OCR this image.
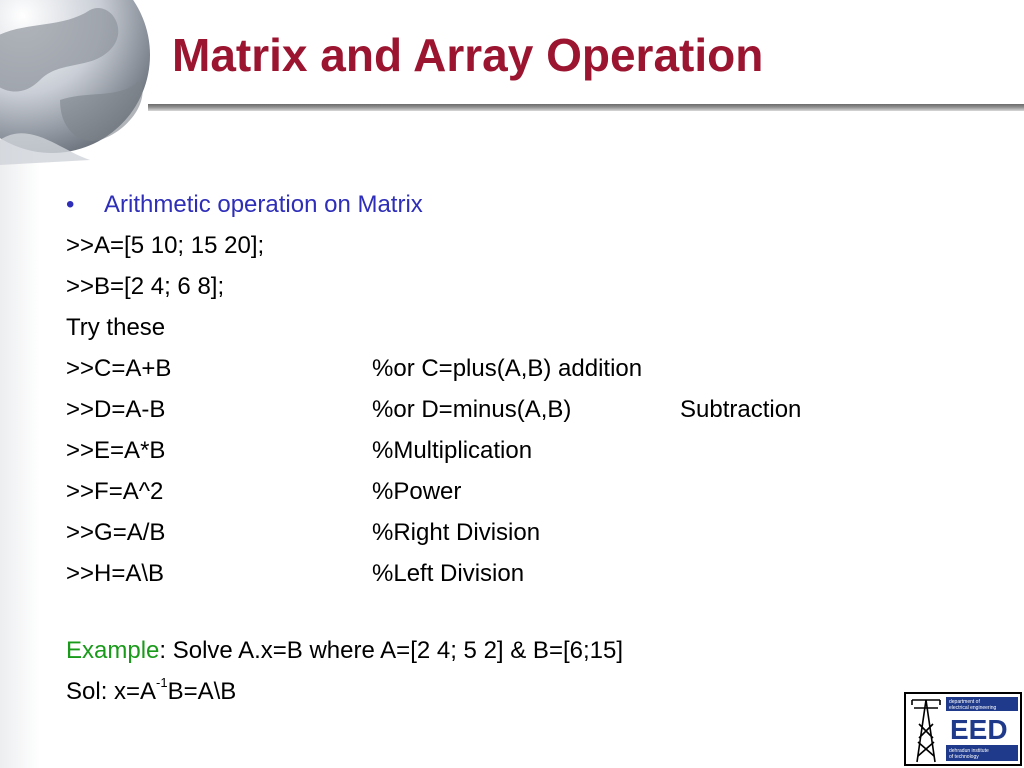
Matrix and Array Operation
• Arithmetic operation on Matrix
>>A=[5 10; 15 20];
>>B=[2 4; 6 8];
Try these
>>C=A+B	%or C=plus(A,B) addition
>>D=A-B	%or D=minus(A,B)	Subtraction
>>E=A*B	%Multiplication
>>F=A^2	%Power
>>G=A/B	%Right Division
>>H=A\B	%Left Division
Example: Solve A.x=B where A=[2 4; 5 2] & B=[6;15]
Sol: $x=A^{-1}B=A\backslash B$	department of
electrical engineering
EED
dehradun institute
of technology
